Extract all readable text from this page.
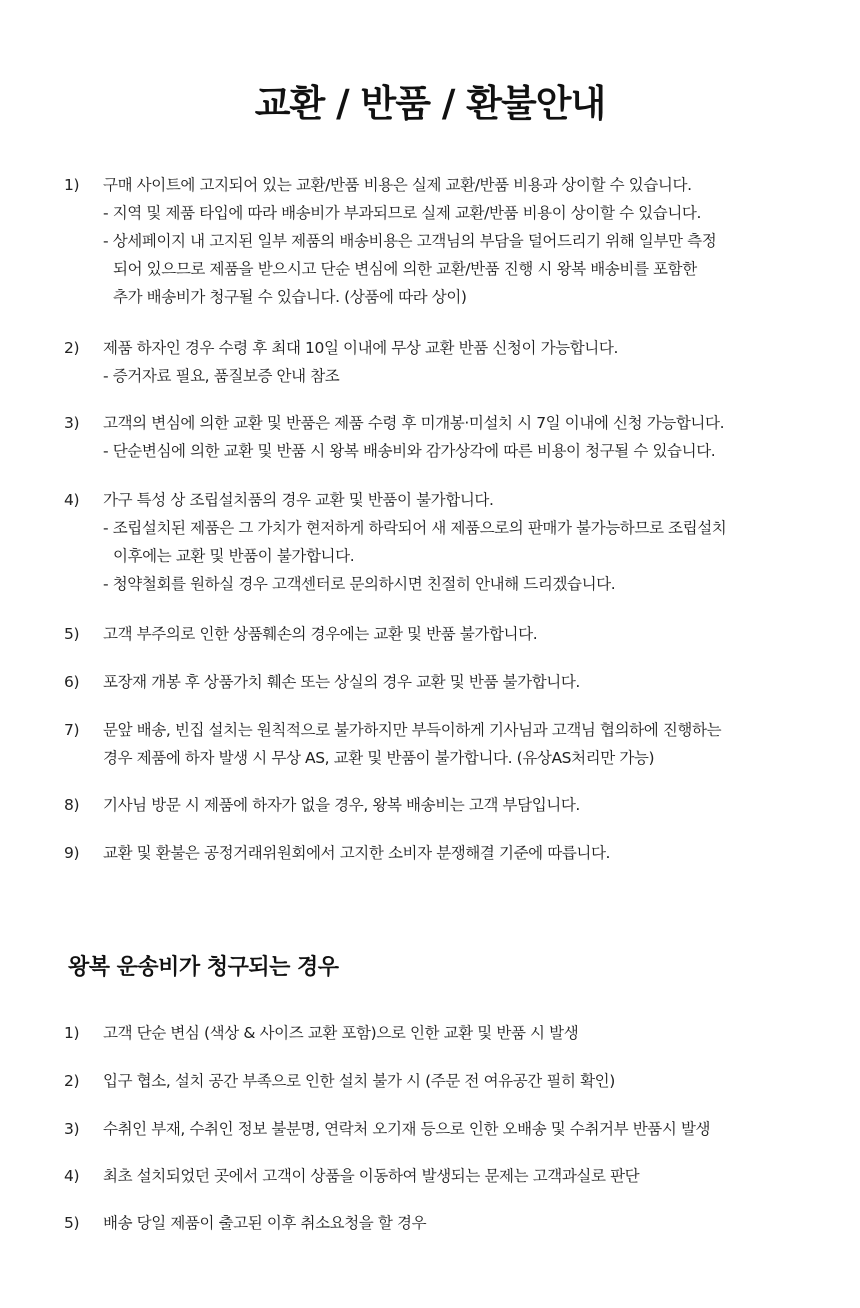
교환 / 반품 / 환불안내
1)	구매 사이트에 고지되어 있는 교환/반품 비용은 실제 교환/반품 비용과 상이할 수 있습니다.
- 지역 및 제품 타입에 따라 배송비가 부과되므로 실제 교환/반품 비용이 상이할 수 있습니다.
- 상세페이지 내 고지된 일부 제품의 배송비용은 고객님의 부담을 덜어드리기 위해 일부만 측정
되어 있으므로 제품을 받으시고 단순 변심에 의한 교환/반품 진행 시 왕복 배송비를 포함한
추가 배송비가 청구될 수 있습니다. (상품에 따라 상이)
2)	제품 하자인 경우 수령 후 최대 10일 이내에 무상 교환 반품 신청이 가능합니다.
- 증거자료 필요, 품질보증 안내 참조
3)	고객의 변심에 의한 교환 및 반품은 제품 수령 후 미개봉·미설치 시 7일 이내에 신청 가능합니다.
- 단순변심에 의한 교환 및 반품 시 왕복 배송비와 감가상각에 따른 비용이 청구될 수 있습니다.
4)	가구 특성 상 조립설치품의 경우 교환 및 반품이 불가합니다.
- 조립설치된 제품은 그 가치가 현저하게 하락되어 새 제품으로의 판매가 불가능하므로 조립설치
이후에는 교환 및 반품이 불가합니다.
- 청약철회를 원하실 경우 고객센터로 문의하시면 친절히 안내해 드리겠습니다.
5)	고객 부주의로 인한 상품훼손의 경우에는 교환 및 반품 불가합니다.
6)	포장재 개봉 후 상품가치 훼손 또는 상실의 경우 교환 및 반품 불가합니다.
7)	문앞 배송, 빈집 설치는 원칙적으로 불가하지만 부득이하게 기사님과 고객님 협의하에 진행하는
경우 제품에 하자 발생 시 무상 AS, 교환 및 반품이 불가합니다. (유상AS처리만 가능)
8)	기사님 방문 시 제품에 하자가 없을 경우, 왕복 배송비는 고객 부담입니다.
9)	교환 및 환불은 공정거래위원회에서 고지한 소비자 분쟁해결 기준에 따릅니다.
왕복 운송비가 청구되는 경우
1)	고객 단순 변심 (색상 & 사이즈 교환 포함)으로 인한 교환 및 반품 시 발생
2)	입구 협소, 설치 공간 부족으로 인한 설치 불가 시 (주문 전 여유공간 필히 확인)
3)	수취인 부재, 수취인 정보 불분명, 연락처 오기재 등으로 인한 오배송 및 수취거부 반품시 발생
4)	최초 설치되었던 곳에서 고객이 상품을 이동하여 발생되는 문제는 고객과실로 판단
5)	배송 당일 제품이 출고된 이후 취소요청을 할 경우
